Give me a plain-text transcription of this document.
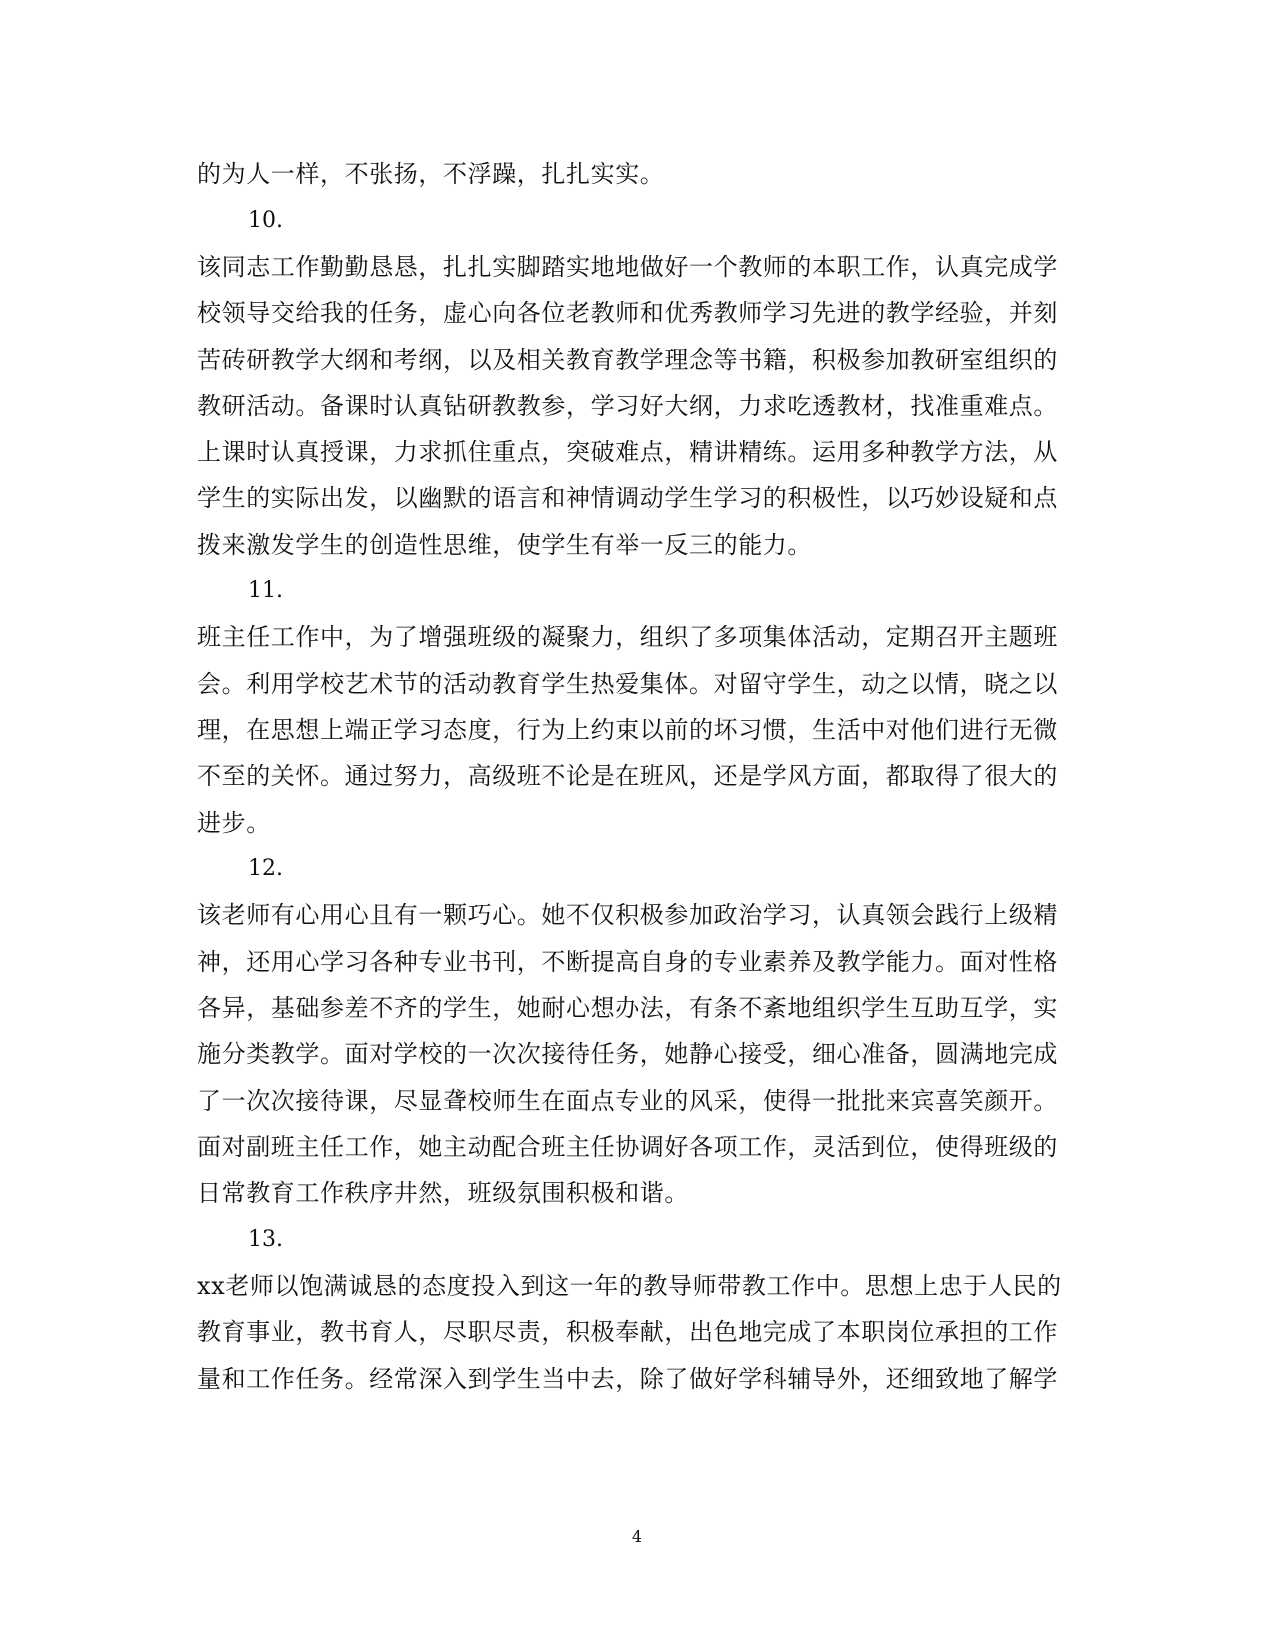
的为人一样，不张扬，不浮躁，扎扎实实。
10.
该同志工作勤勤恳恳，扎扎实脚踏实地地做好一个教师的本职工作，认真完成学
校领导交给我的任务，虚心向各位老教师和优秀教师学习先进的教学经验，并刻
苦砖研教学大纲和考纲，以及相关教育教学理念等书籍，积极参加教研室组织的
教研活动。备课时认真钻研教教参，学习好大纲，力求吃透教材，找准重难点。
上课时认真授课，力求抓住重点，突破难点，精讲精练。运用多种教学方法，从
学生的实际出发，以幽默的语言和神情调动学生学习的积极性，以巧妙设疑和点
拨来激发学生的创造性思维，使学生有举一反三的能力。
11.
班主任工作中，为了增强班级的凝聚力，组织了多项集体活动，定期召开主题班
会。利用学校艺术节的活动教育学生热爱集体。对留守学生，动之以情，晓之以
理，在思想上端正学习态度，行为上约束以前的坏习惯，生活中对他们进行无微
不至的关怀。通过努力，高级班不论是在班风，还是学风方面，都取得了很大的
进步。
12.
该老师有心用心且有一颗巧心。她不仅积极参加政治学习，认真领会践行上级精
神，还用心学习各种专业书刊，不断提高自身的专业素养及教学能力。面对性格
各异，基础参差不齐的学生，她耐心想办法，有条不紊地组织学生互助互学，实
施分类教学。面对学校的一次次接待任务，她静心接受，细心准备，圆满地完成
了一次次接待课，尽显聋校师生在面点专业的风采，使得一批批来宾喜笑颜开。
面对副班主任工作，她主动配合班主任协调好各项工作，灵活到位，使得班级的
日常教育工作秩序井然，班级氛围积极和谐。
13.
xx老师以饱满诚恳的态度投入到这一年的教导师带教工作中。思想上忠于人民的
教育事业，教书育人，尽职尽责，积极奉献，出色地完成了本职岗位承担的工作
量和工作任务。经常深入到学生当中去，除了做好学科辅导外，还细致地了解学
4
